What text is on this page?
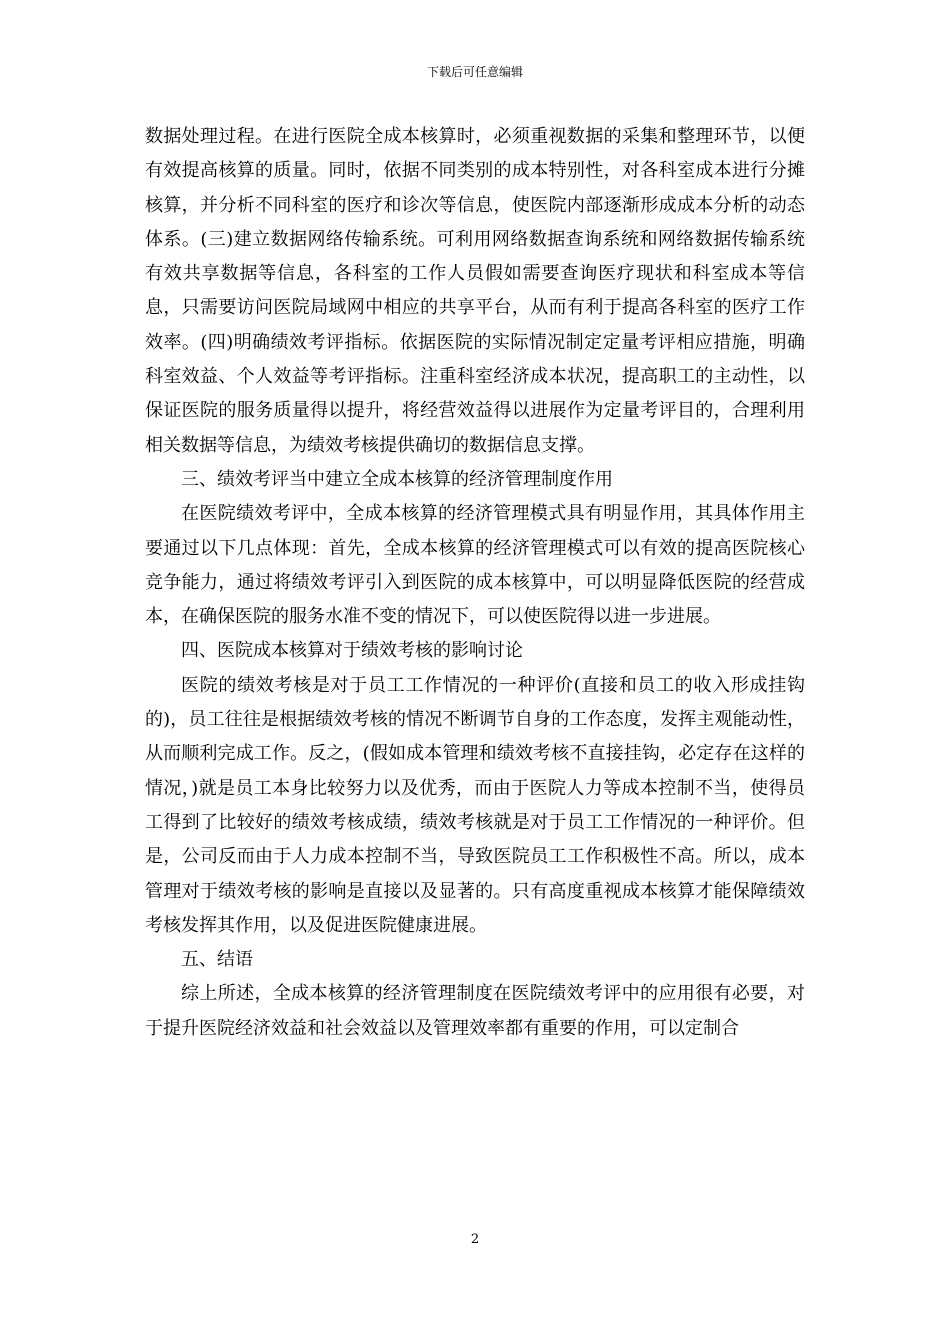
下载后可任意编辑

数据处理过程。在进行医院全成本核算时，必须重视数据的采集和整理环节，以便有效提高核算的质量。同时，依据不同类别的成本特别性，对各科室成本进行分摊核算，并分析不同科室的医疗和诊次等信息，使医院内部逐渐形成成本分析的动态体系。(三)建立数据网络传输系统。可利用网络数据查询系统和网络数据传输系统有效共享数据等信息，各科室的工作人员假如需要查询医疗现状和科室成本等信息，只需要访问医院局域网中相应的共享平台，从而有利于提高各科室的医疗工作效率。(四)明确绩效考评指标。依据医院的实际情况制定定量考评相应措施，明确科室效益、个人效益等考评指标。注重科室经济成本状况，提高职工的主动性，以保证医院的服务质量得以提升，将经营效益得以进展作为定量考评目的，合理利用相关数据等信息，为绩效考核提供确切的数据信息支撑。

三、绩效考评当中建立全成本核算的经济管理制度作用

在医院绩效考评中，全成本核算的经济管理模式具有明显作用，其具体作用主要通过以下几点体现：首先，全成本核算的经济管理模式可以有效的提高医院核心竞争能力，通过将绩效考评引入到医院的成本核算中，可以明显降低医院的经营成本，在确保医院的服务水准不变的情况下，可以使医院得以进一步进展。

四、医院成本核算对于绩效考核的影响讨论

医院的绩效考核是对于员工工作情况的一种评价(直接和员工的收入形成挂钩的)，员工往往是根据绩效考核的情况不断调节自身的工作态度，发挥主观能动性，从而顺利完成工作。反之，(假如成本管理和绩效考核不直接挂钩，必定存在这样的情况，)就是员工本身比较努力以及优秀，而由于医院人力等成本控制不当，使得员工得到了比较好的绩效考核成绩，绩效考核就是对于员工工作情况的一种评价。但是，公司反而由于人力成本控制不当，导致医院员工工作积极性不高。所以，成本管理对于绩效考核的影响是直接以及显著的。只有高度重视成本核算才能保障绩效考核发挥其作用，以及促进医院健康进展。

五、结语

综上所述，全成本核算的经济管理制度在医院绩效考评中的应用很有必要，对于提升医院经济效益和社会效益以及管理效率都有重要的作用，可以定制合

2
